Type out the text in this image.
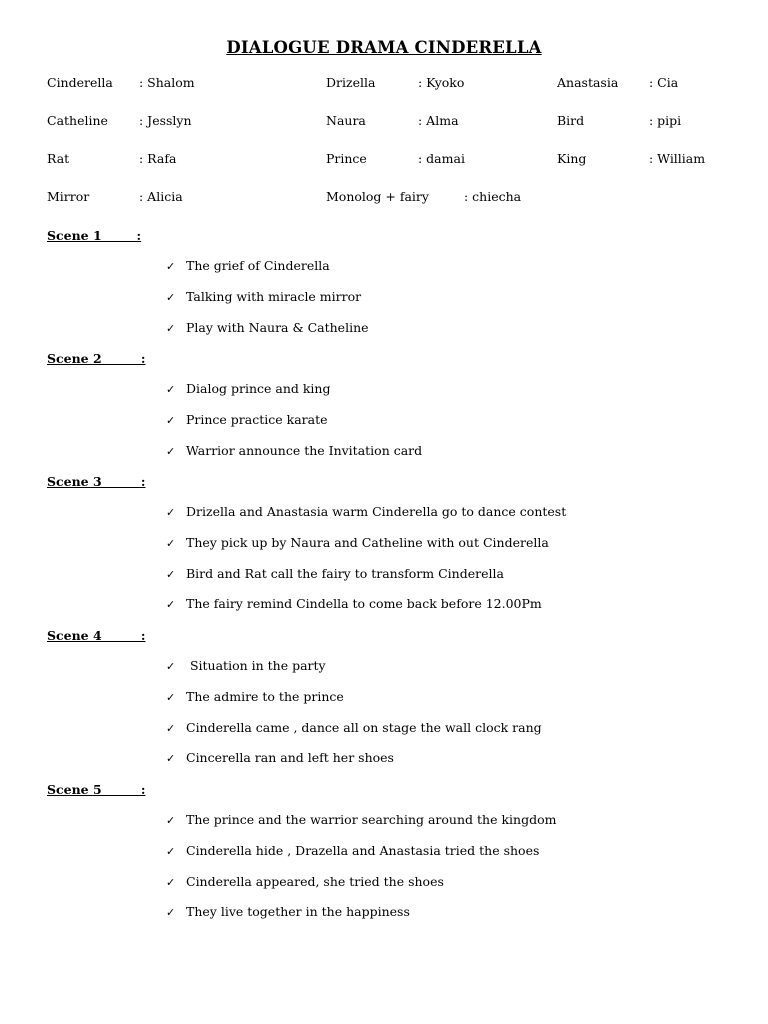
DIALOGUE DRAMA CINDERELLA
Cinderella : Shalom	Drizella	: Kyoko	Anastasia : Cia
Catheline : Jesslyn	Naura	: Alma	Bird	: pipi
Rat	: Rafa	Prince	: damai	King	: William
Mirror	: Alicia	Monolog + fairy	: chiecha
Scene 1        :
✓ The grief of Cinderella
✓ Talking with miracle mirror
✓ Play with Naura & Catheline
Scene 2         :
✓ Dialog prince and king
✓ Prince practice karate
✓ Warrior announce the Invitation card
Scene 3         :
✓ Drizella and Anastasia warm Cinderella go to dance contest
✓ They pick up by Naura and Catheline with out Cinderella
✓ Bird and Rat call the fairy to transform Cinderella
✓ The fairy remind Cindella to come back before 12.00Pm
Scene 4         :
✓ Situation in the party
✓ The admire to the prince
✓ Cinderella came , dance all on stage the wall clock rang
✓ Cincerella ran and left her shoes
Scene 5         :
✓ The prince and the warrior searching around the kingdom
✓ Cinderella hide , Drazella and Anastasia tried the shoes
✓ Cinderella appeared, she tried the shoes
✓ They live together in the happiness
